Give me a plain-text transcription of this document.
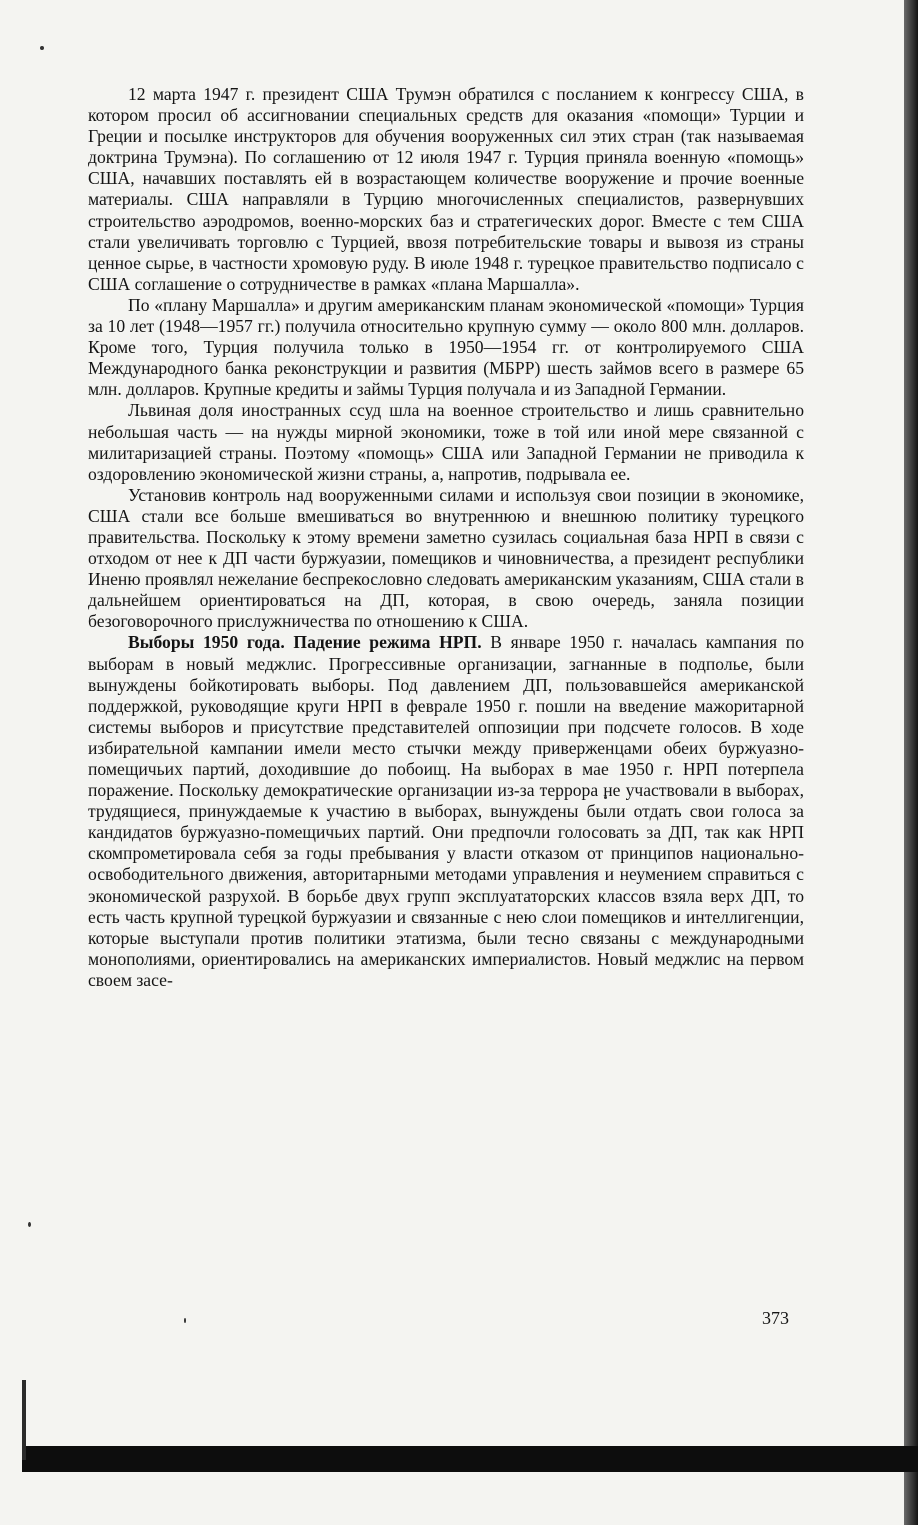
12 марта 1947 г. президент США Трумэн обратился с посланием к конгрессу США, в котором просил об ассигновании специальных средств для оказания «помощи» Турции и Греции и посылке инструкторов для обучения вооруженных сил этих стран (так называемая доктрина Трумэна). По соглашению от 12 июля 1947 г. Турция приняла военную «помощь» США, начавших поставлять ей в возрастающем количестве вооружение и прочие военные материалы. США направляли в Турцию многочисленных специалистов, развернувших строительство аэродромов, военно-морских баз и стратегических дорог. Вместе с тем США стали увеличивать торговлю с Турцией, ввозя потребительские товары и вывозя из страны ценное сырье, в частности хромовую руду. В июле 1948 г. турецкое правительство подписало с США соглашение о сотрудничестве в рамках «плана Маршалла».

По «плану Маршалла» и другим американским планам экономической «помощи» Турция за 10 лет (1948—1957 гг.) получила относительно крупную сумму — около 800 млн. долларов. Кроме того, Турция получила только в 1950—1954 гг. от контролируемого США Международного банка реконструкции и развития (МБРР) шесть займов всего в размере 65 млн. долларов. Крупные кредиты и займы Турция получала и из Западной Германии.

Львиная доля иностранных ссуд шла на военное строительство и лишь сравнительно небольшая часть — на нужды мирной экономики, тоже в той или иной мере связанной с милитаризацией страны. Поэтому «помощь» США или Западной Германии не приводила к оздоровлению экономической жизни страны, а, напротив, подрывала ее.

Установив контроль над вооруженными силами и используя свои позиции в экономике, США стали все больше вмешиваться во внутреннюю и внешнюю политику турецкого правительства. Поскольку к этому времени заметно сузилась социальная база НРП в связи с отходом от нее к ДП части буржуазии, помещиков и чиновничества, а президент республики Иненю проявлял нежелание беспрекословно следовать американским указаниям, США стали в дальнейшем ориентироваться на ДП, которая, в свою очередь, заняла позиции безоговорочного прислужничества по отношению к США.

Выборы 1950 года. Падение режима НРП. В январе 1950 г. началась кампания по выборам в новый меджлис. Прогрессивные организации, загнанные в подполье, были вынуждены бойкотировать выборы. Под давлением ДП, пользовавшейся американской поддержкой, руководящие круги НРП в феврале 1950 г. пошли на введение мажоритарной системы выборов и присутствие представителей оппозиции при подсчете голосов. В ходе избирательной кампании имели место стычки между приверженцами обеих буржуазно-помещичьих партий, доходившие до побоищ. На выборах в мае 1950 г. НРП потерпела поражение. Поскольку демократические организации из-за террора не участвовали в выборах, трудящиеся, принуждаемые к участию в выборах, вынуждены были отдать свои голоса за кандидатов буржуазно-помещичьих партий. Они предпочли голосовать за ДП, так как НРП скомпрометировала себя за годы пребывания у власти отказом от принципов национально-освободительного движения, авторитарными методами управления и неумением справиться с экономической разрухой. В борьбе двух групп эксплуататорских классов взяла верх ДП, то есть часть крупной турецкой буржуазии и связанные с нею слои помещиков и интеллигенции, которые выступали против политики этатизма, были тесно связаны с международными монополиями, ориентировались на американских империалистов. Новый меджлис на первом своем засе-

373
